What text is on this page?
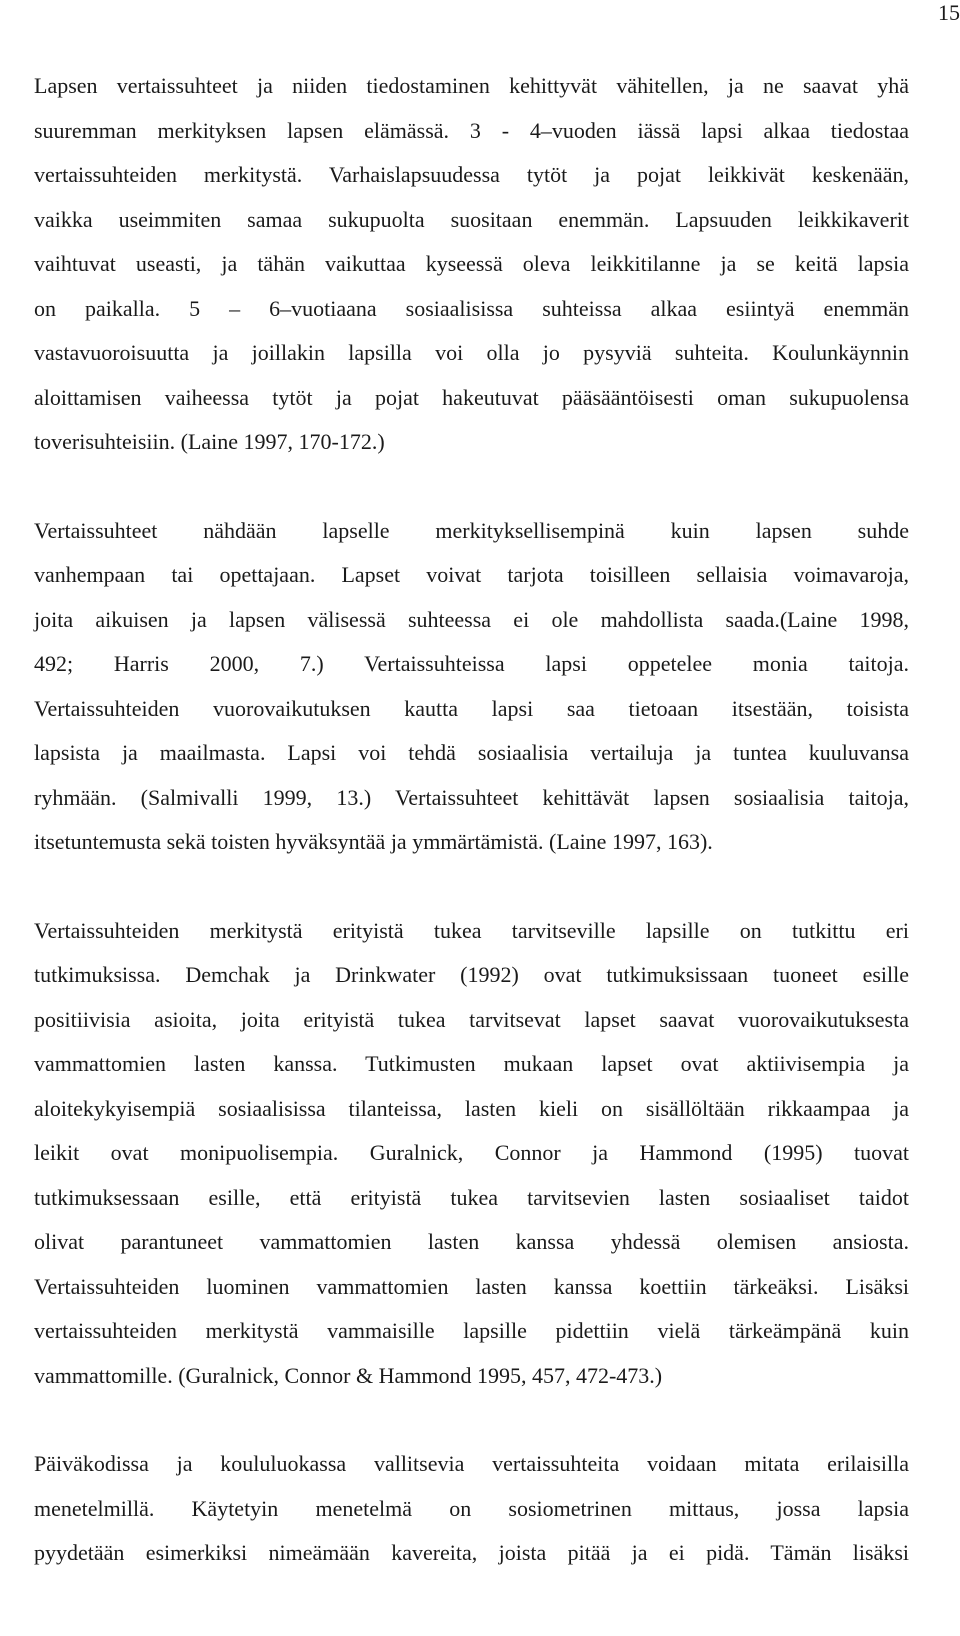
15

Lapsen vertaissuhteet ja niiden tiedostaminen kehittyvät vähitellen, ja ne saavat yhä
suuremman merkityksen lapsen elämässä. 3 - 4–vuoden iässä lapsi alkaa tiedostaa
vertaissuhteiden merkitystä. Varhaislapsuudessa tytöt ja pojat leikkivät keskenään,
vaikka useimmiten samaa sukupuolta suositaan enemmän. Lapsuuden leikkikaverit
vaihtuvat useasti, ja tähän vaikuttaa kyseessä oleva leikkitilanne ja se keitä lapsia
on paikalla. 5 – 6–vuotiaana sosiaalisissa suhteissa alkaa esiintyä enemmän
vastavuoroisuutta ja joillakin lapsilla voi olla jo pysyviä suhteita. Koulunkäynnin
aloittamisen vaiheessa tytöt ja pojat hakeutuvat pääsääntöisesti oman sukupuolensa
toverisuhteisiin. (Laine 1997, 170-172.)

Vertaissuhteet nähdään lapselle merkityksellisempinä kuin lapsen suhde
vanhempaan tai opettajaan. Lapset voivat tarjota toisilleen sellaisia voimavaroja,
joita aikuisen ja lapsen välisessä suhteessa ei ole mahdollista saada.(Laine 1998,
492; Harris 2000, 7.) Vertaissuhteissa lapsi oppetelee monia taitoja.
Vertaissuhteiden vuorovaikutuksen kautta lapsi saa tietoaan itsestään, toisista
lapsista ja maailmasta. Lapsi voi tehdä sosiaalisia vertailuja ja tuntea kuuluvansa
ryhmään. (Salmivalli 1999, 13.) Vertaissuhteet kehittävät lapsen sosiaalisia taitoja,
itsetuntemusta sekä toisten hyväksyntää ja ymmärtämistä. (Laine 1997, 163).

Vertaissuhteiden merkitystä erityistä tukea tarvitseville lapsille on tutkittu eri
tutkimuksissa. Demchak ja Drinkwater (1992) ovat tutkimuksissaan tuoneet esille
positiivisia asioita, joita erityistä tukea tarvitsevat lapset saavat vuorovaikutuksesta
vammattomien lasten kanssa. Tutkimusten mukaan lapset ovat aktiivisempia ja
aloitekykyisempiä sosiaalisissa tilanteissa, lasten kieli on sisällöltään rikkaampaa ja
leikit ovat monipuolisempia. Guralnick, Connor ja Hammond (1995) tuovat
tutkimuksessaan esille, että erityistä tukea tarvitsevien lasten sosiaaliset taidot
olivat parantuneet vammattomien lasten kanssa yhdessä olemisen ansiosta.
Vertaissuhteiden luominen vammattomien lasten kanssa koettiin tärkeäksi. Lisäksi
vertaissuhteiden merkitystä vammaisille lapsille pidettiin vielä tärkeämpänä kuin
vammattomille. (Guralnick, Connor & Hammond 1995, 457, 472-473.)

Päiväkodissa ja koululuokassa vallitsevia vertaissuhteita voidaan mitata erilaisilla
menetelmillä. Käytetyin menetelmä on sosiometrinen mittaus, jossa lapsia
pyydetään esimerkiksi nimeämään kavereita, joista pitää ja ei pidä. Tämän lisäksi
